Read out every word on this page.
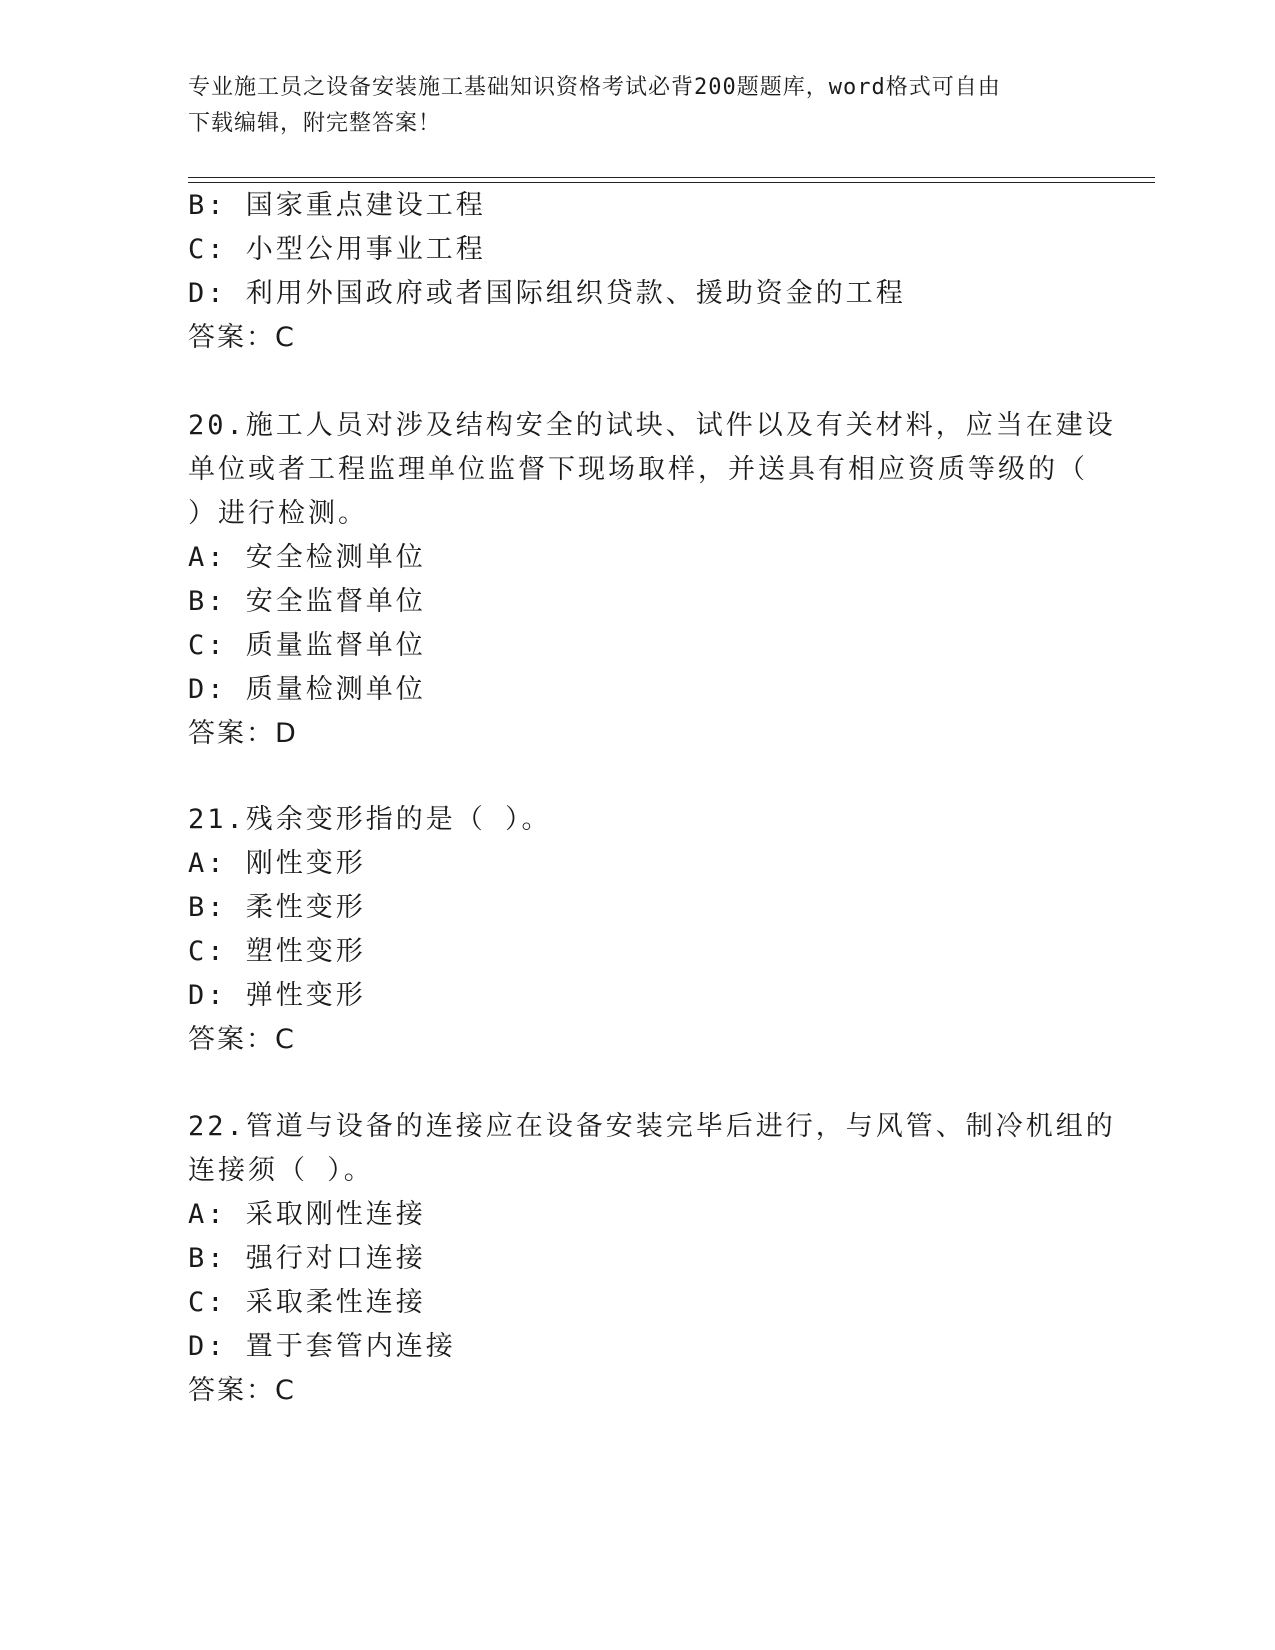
专业施工员之设备安装施工基础知识资格考试必背200题题库，word格式可自由
下载编辑，附完整答案！
B: 国家重点建设工程
C: 小型公用事业工程
D: 利用外国政府或者国际组织贷款、援助资金的工程
答案：C
20.施工人员对涉及结构安全的试块、试件以及有关材料，应当在建设
单位或者工程监理单位监督下现场取样，并送具有相应资质等级的（
）进行检测。
A: 安全检测单位
B: 安全监督单位
C: 质量监督单位
D: 质量检测单位
答案：D
21.残余变形指的是（ ）。
A: 刚性变形
B: 柔性变形
C: 塑性变形
D: 弹性变形
答案：C
22.管道与设备的连接应在设备安装完毕后进行，与风管、制冷机组的
连接须（ ）。
A: 采取刚性连接
B: 强行对口连接
C: 采取柔性连接
D: 置于套管内连接
答案：C
